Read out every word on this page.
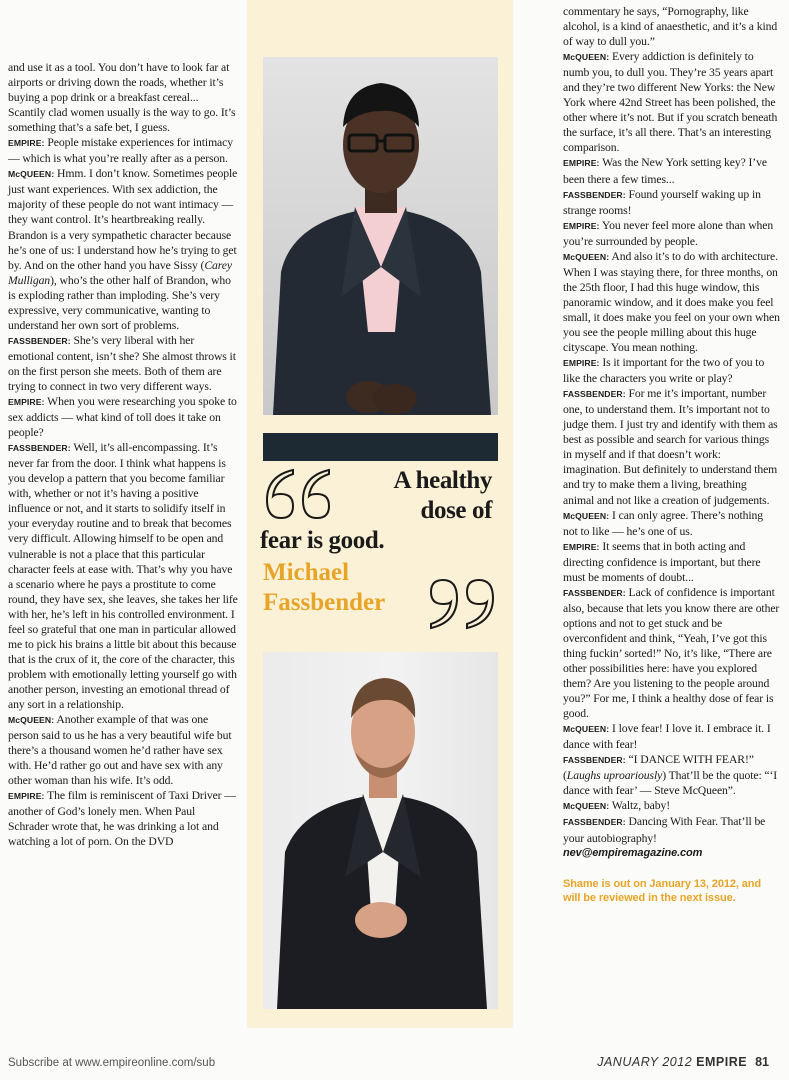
and use it as a tool. You don’t have to look far at airports or driving down the roads, whether it’s buying a pop drink or a breakfast cereal... Scantily clad women usually is the way to go. It’s something that’s a safe bet, I guess.

EMPIRE: People mistake experiences for intimacy — which is what you’re really after as a person.

McQUEEN: Hmm. I don’t know. Sometimes people just want experiences. With sex addiction, the majority of these people do not want intimacy — they want control. It’s heartbreaking really. Brandon is a very sympathetic character because he’s one of us: I understand how he’s trying to get by. And on the other hand you have Sissy (Carey Mulligan), who’s the other half of Brandon, who is exploding rather than imploding. She’s very expressive, very communicative, wanting to understand her own sort of problems.

FASSBENDER: She’s very liberal with her emotional content, isn’t she? She almost throws it on the first person she meets. Both of them are trying to connect in two very different ways.

EMPIRE: When you were researching you spoke to sex addicts — what kind of toll does it take on people?

FASSBENDER: Well, it’s all-encompassing. It’s never far from the door. I think what happens is you develop a pattern that you become familiar with, whether or not it’s having a positive influence or not, and it starts to solidify itself in your everyday routine and to break that becomes very difficult. Allowing himself to be open and vulnerable is not a place that this particular character feels at ease with. That’s why you have a scenario where he pays a prostitute to come round, they have sex, she leaves, she takes her life with her, he’s left in his controlled environment. I feel so grateful that one man in particular allowed me to pick his brains a little bit about this because that is the crux of it, the core of the character, this problem with emotionally letting yourself go with another person, investing an emotional thread of any sort in a relationship.

McQUEEN: Another example of that was one person said to us he has a very beautiful wife but there’s a thousand women he’d rather have sex with. He’d rather go out and have sex with any other woman than his wife. It’s odd.

EMPIRE: The film is reminiscent of Taxi Driver — another of God’s lonely men. When Paul Schrader wrote that, he was drinking a lot and watching a lot of porn. On the DVD

A healthy
dose of

fear is good.
Michael
Fassbender

commentary he says, “Pornography, like alcohol, is a kind of anaesthetic, and it’s a kind of way to dull you.”

McQUEEN: Every addiction is definitely to numb you, to dull you. They’re 35 years apart and they’re two different New Yorks: the New York where 42nd Street has been polished, the other where it’s not. But if you scratch beneath the surface, it’s all there. That’s an interesting comparison.

EMPIRE: Was the New York setting key? I’ve been there a few times...

FASSBENDER: Found yourself waking up in strange rooms!

EMPIRE: You never feel more alone than when you’re surrounded by people.

McQUEEN: And also it’s to do with architecture. When I was staying there, for three months, on the 25th floor, I had this huge window, this panoramic window, and it does make you feel small, it does make you feel on your own when you see the people milling about this huge cityscape. You mean nothing.

EMPIRE: Is it important for the two of you to like the characters you write or play?

FASSBENDER: For me it’s important, number one, to understand them. It’s important not to judge them. I just try and identify with them as best as possible and search for various things in myself and if that doesn’t work: imagination. But definitely to understand them and try to make them a living, breathing animal and not like a creation of judgements.

McQUEEN: I can only agree. There’s nothing not to like — he’s one of us.

EMPIRE: It seems that in both acting and directing confidence is important, but there must be moments of doubt...

FASSBENDER: Lack of confidence is important also, because that lets you know there are other options and not to get stuck and be overconfident and think, “Yeah, I’ve got this thing fuckin’ sorted!” No, it’s like, “There are other possibilities here: have you explored them? Are you listening to the people around you?” For me, I think a healthy dose of fear is good.

McQUEEN: I love fear! I love it. I embrace it. I dance with fear!

FASSBENDER: “I DANCE WITH FEAR!” (Laughs uproariously) That’ll be the quote: “‘I dance with fear’ — Steve McQueen”.

McQUEEN: Waltz, baby!

FASSBENDER: Dancing With Fear. That’ll be your autobiography!

nev@empiremagazine.com

Shame is out on January 13, 2012, and will be reviewed in the next issue.

Subscribe at www.empireonline.com/sub	JANUARY 2012 EMPIRE 81
